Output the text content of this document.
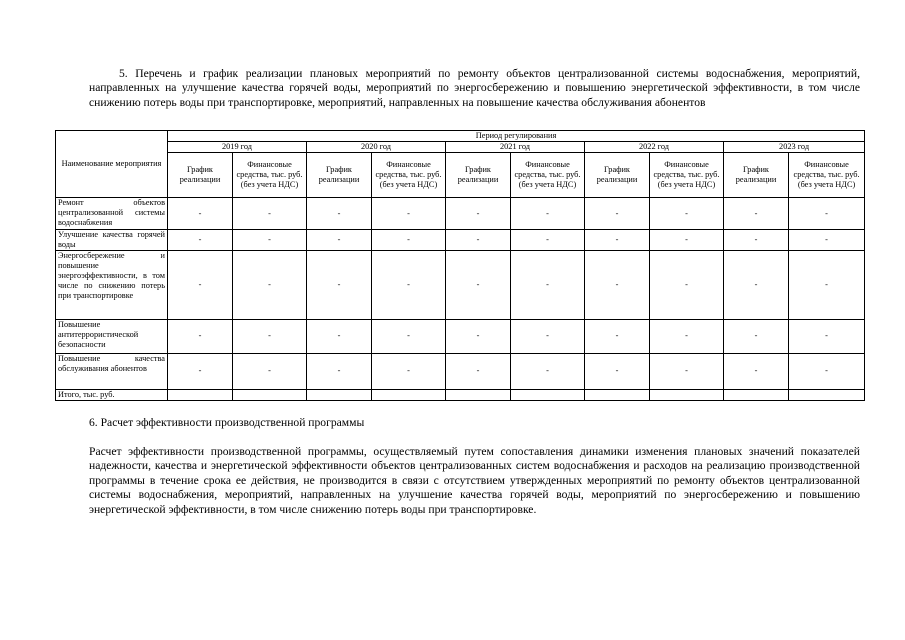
5. Перечень и график реализации плановых мероприятий по ремонту объектов централизованной системы водоснабжения, мероприятий, направленных на улучшение качества горячей воды, мероприятий по энергосбережению и повышению энергетической эффективности, в том числе снижению потерь воды при транспортировке, мероприятий, направленных на повышение качества обслуживания абонентов

Наименование мероприятия	Период регулирования									
	2019 год		2020 год		2021 год		2022 год		2023 год	
	График реализации	Финансовые средства, тыс. руб. (без учета НДС)	График реализации	Финансовые средства, тыс. руб. (без учета НДС)	График реализации	Финансовые средства, тыс. руб. (без учета НДС)	График реализации	Финансовые средства, тыс. руб. (без учета НДС)	График реализации	Финансовые средства, тыс. руб. (без учета НДС)
Ремонт объектов централизованной системы водоснабжения	-	-	-	-	-	-	-	-	-	-
Улучшение качества горячей воды	-	-	-	-	-	-	-	-	-	-
Энергосбережение и повышение энергоэффективности, в том числе по снижению потерь при транспортировке	-	-	-	-	-	-	-	-	-	-
Повышение антитеррористической безопасности	-	-	-	-	-	-	-	-	-	-
Повышение качества обслуживания абонентов	-	-	-	-	-	-	-	-	-	-
Итого, тыс. руб.										

6. Расчет эффективности производственной программы

Расчет эффективности производственной программы, осуществляемый путем сопоставления динамики изменения плановых значений показателей надежности, качества и энергетической эффективности объектов централизованных систем водоснабжения и расходов на реализацию производственной программы в течение срока ее действия, не производится в связи с отсутствием утвержденных мероприятий по ремонту объектов централизованной системы водоснабжения, мероприятий, направленных на улучшение качества горячей воды, мероприятий по энергосбережению и повышению энергетической эффективности, в том числе снижению потерь воды при транспортировке.
